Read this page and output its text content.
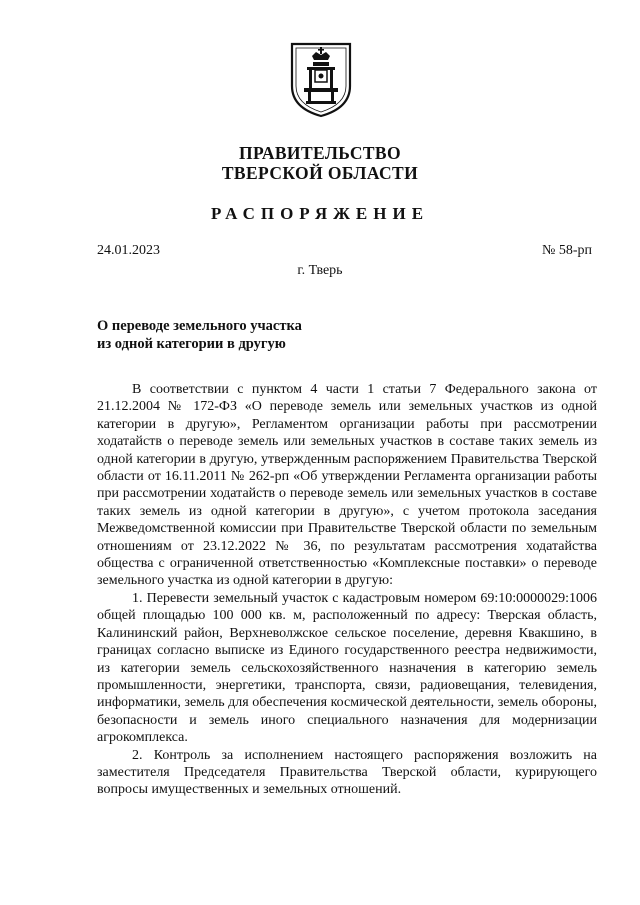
ПРАВИТЕЛЬСТВО
ТВЕРСКОЙ ОБЛАСТИ
РАСПОРЯЖЕНИЕ
24.01.2023	№ 58-рп
г. Тверь
О переводе земельного участка
из одной категории в другую

В соответствии с пунктом 4 части 1 статьи 7 Федерального закона от 21.12.2004 № 172-ФЗ «О переводе земель или земельных участков из одной категории в другую», Регламентом организации работы при рассмотрении ходатайств о переводе земель или земельных участков в составе таких земель из одной категории в другую, утвержденным распоряжением Правительства Тверской области от 16.11.2011 № 262-рп «Об утверждении Регламента организации работы при рассмотрении ходатайств о переводе земель или земельных участков в составе таких земель из одной категории в другую», с учетом протокола заседания Межведомственной комиссии при Правительстве Тверской области по земельным отношениям от 23.12.2022 № 36, по результатам рассмотрения ходатайства общества с ограниченной ответственностью «Комплексные поставки» о переводе земельного участка из одной категории в другую:

1. Перевести земельный участок с кадастровым номером 69:10:0000029:1006 общей площадью 100 000 кв. м, расположенный по адресу: Тверская область, Калининский район, Верхневолжское сельское поселение, деревня Квакшино, в границах согласно выписке из Единого государственного реестра недвижимости, из категории земель сельскохозяйственного назначения в категорию земель промышленности, энергетики, транспорта, связи, радиовещания, телевидения, информатики, земель для обеспечения космической деятельности, земель обороны, безопасности и земель иного специального назначения для модернизации агрокомплекса.

2. Контроль за исполнением настоящего распоряжения возложить на заместителя Председателя Правительства Тверской области, курирующего вопросы имущественных и земельных отношений.
